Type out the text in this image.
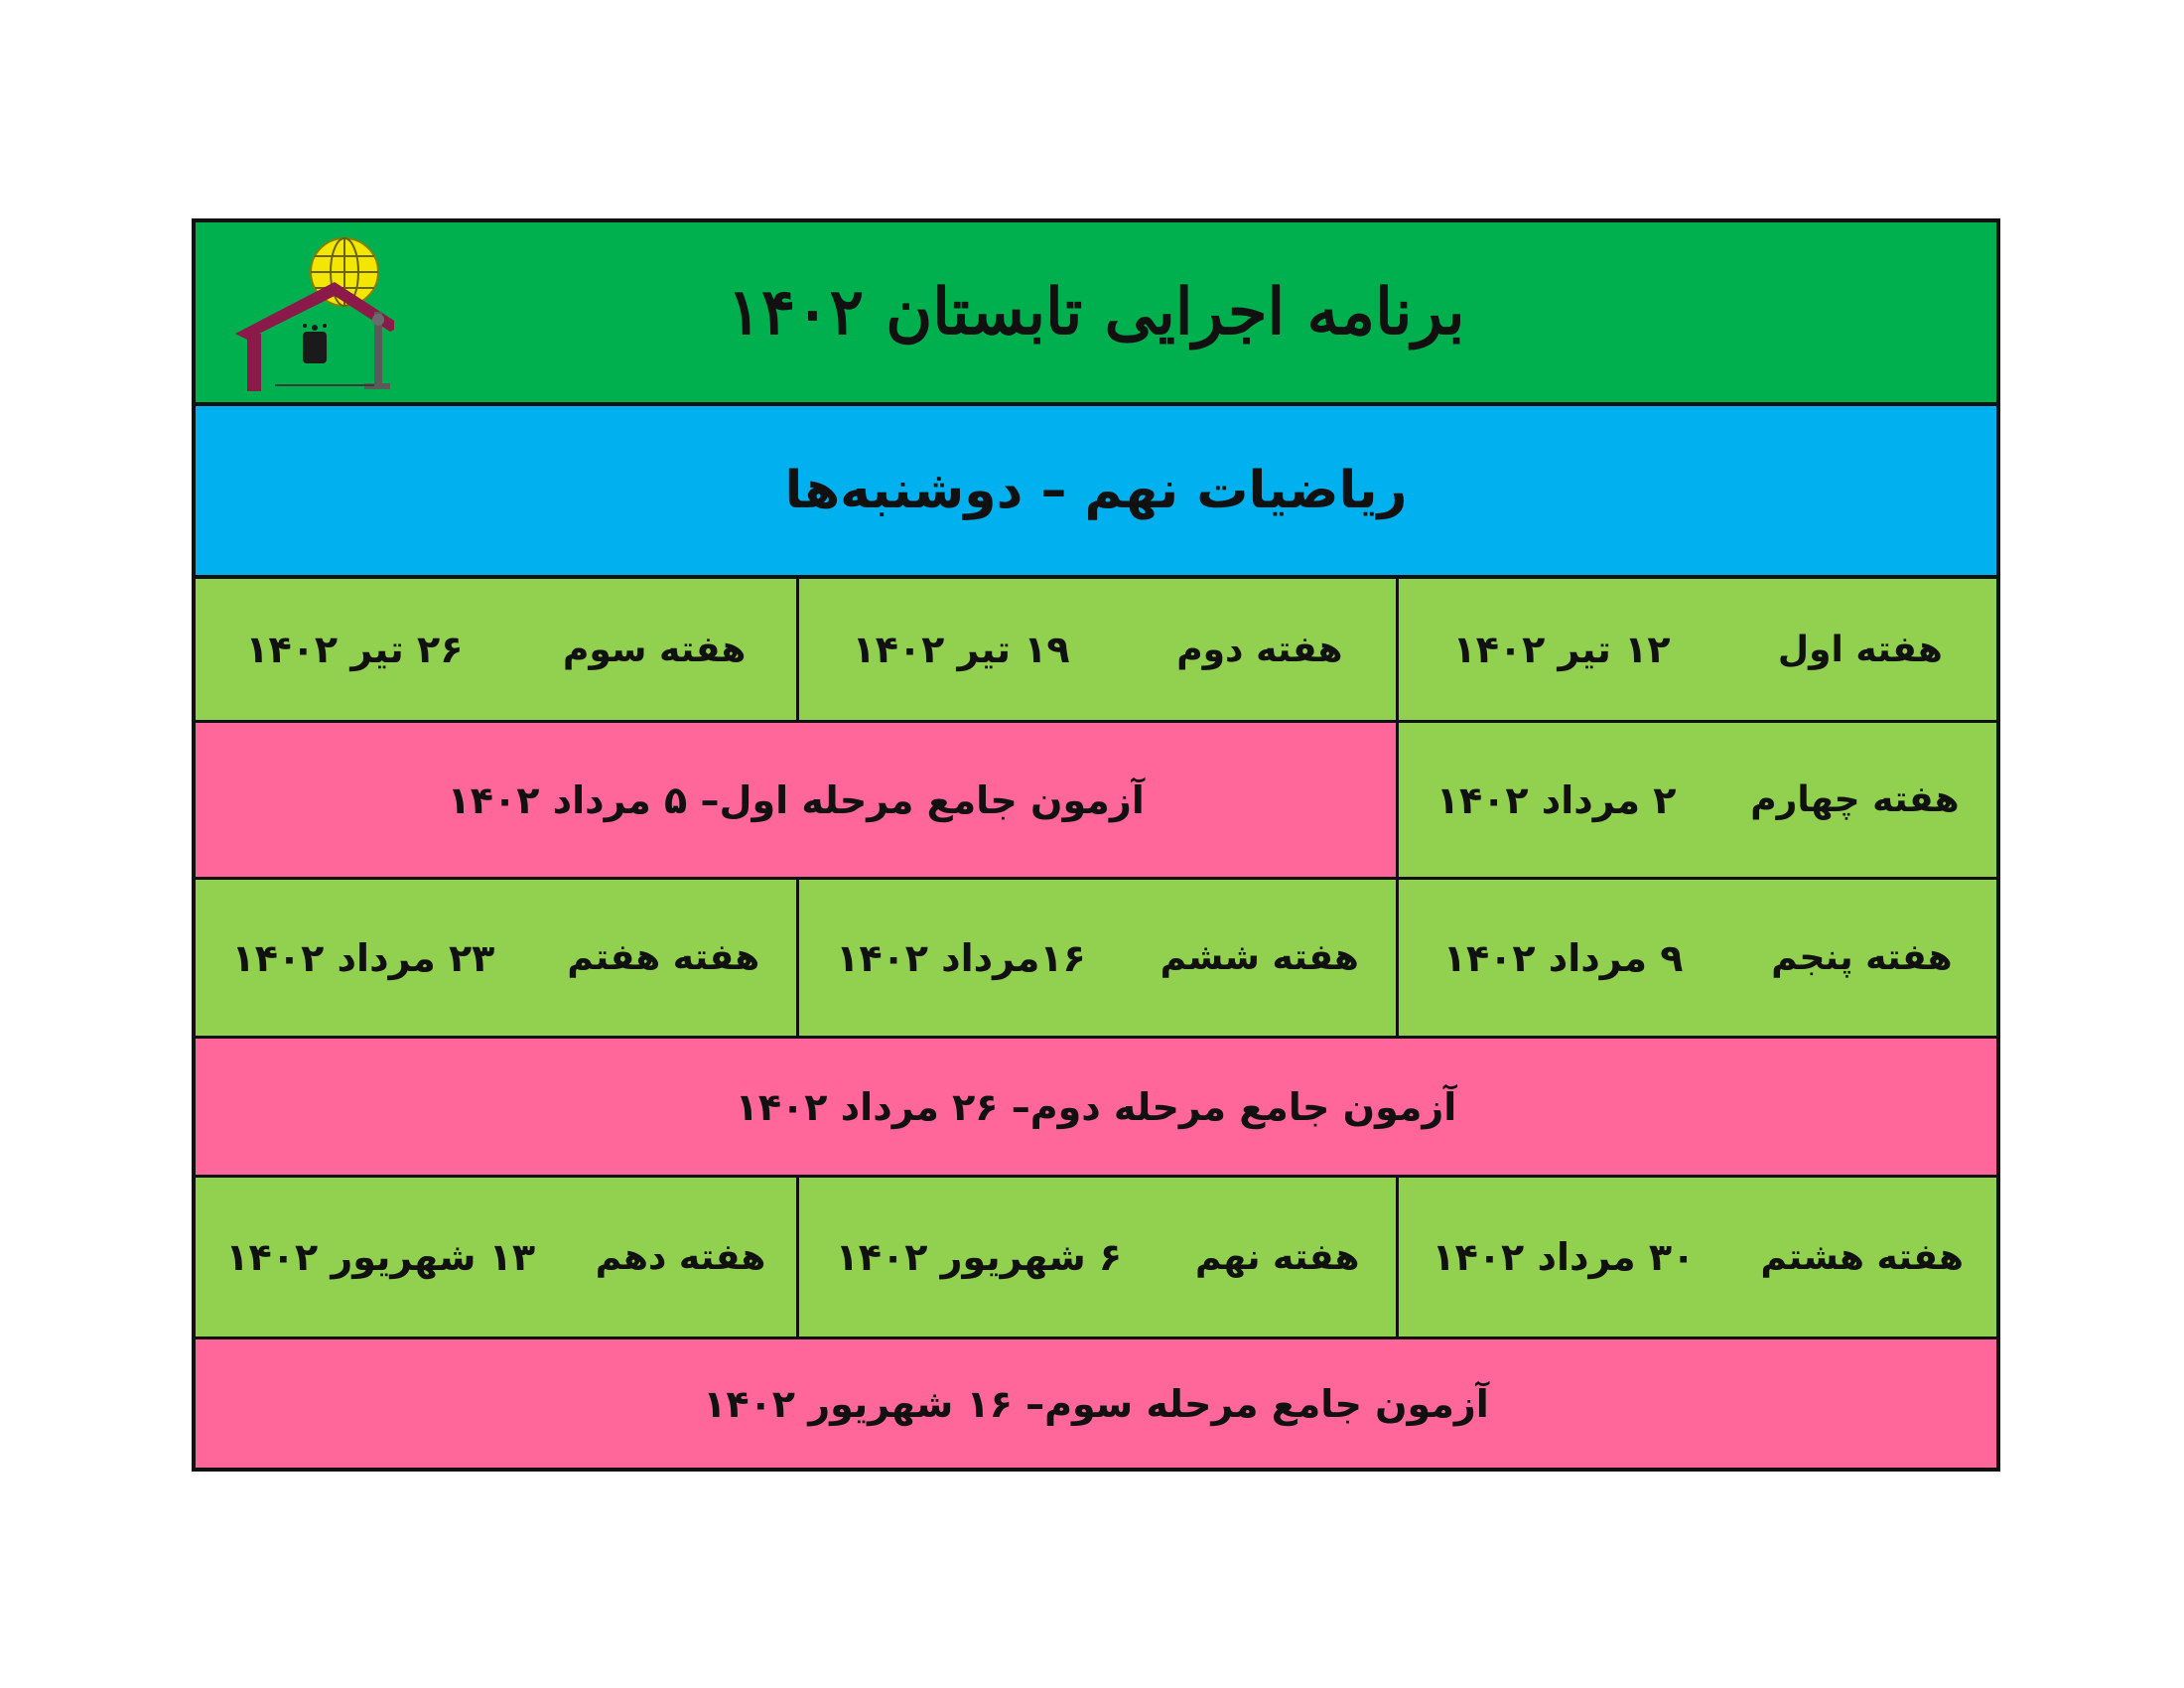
برنامه اجرایی تابستان ۱۴۰۲
ریاضیات نهم – دوشنبه‌ها
هفته اول
۱۲ تیر ۱۴۰۲
هفته دوم
۱۹ تیر ۱۴۰۲
هفته سوم
۲۶ تیر ۱۴۰۲
هفته چهارم
۲ مرداد ۱۴۰۲
آزمون جامع مرحله اول– ۵ مرداد ۱۴۰۲
هفته پنجم
۹ مرداد ۱۴۰۲
هفته ششم
۱۶مرداد ۱۴۰۲
هفته هفتم
۲۳ مرداد ۱۴۰۲
آزمون جامع مرحله دوم– ۲۶ مرداد ۱۴۰۲
هفته هشتم
۳۰ مرداد ۱۴۰۲
هفته نهم
۶ شهریور ۱۴۰۲
هفته دهم
۱۳ شهریور ۱۴۰۲
آزمون جامع مرحله سوم– ۱۶ شهریور ۱۴۰۲
